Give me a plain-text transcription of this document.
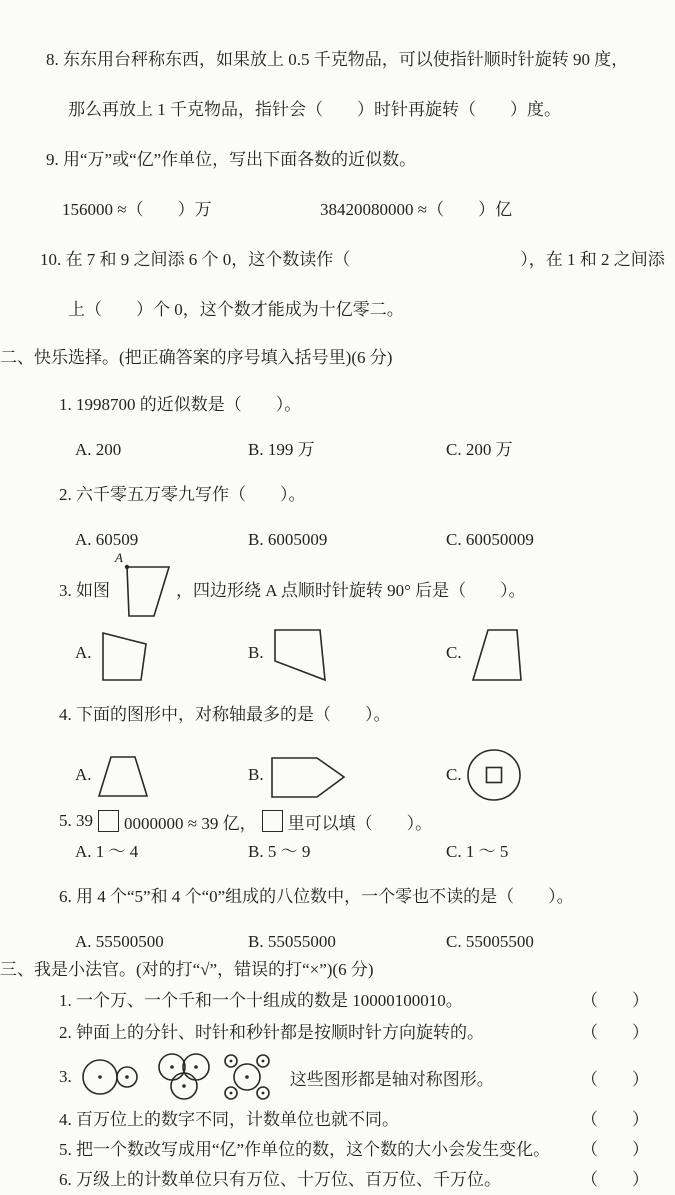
8. 东东用台秤称东西，如果放上 0.5 千克物品，可以使指针顺时针旋转 90 度，

那么再放上 1 千克物品，指针会（　　）时针再旋转（　　）度。

9. 用“万”或“亿”作单位，写出下面各数的近似数。

156000 ≈（　　）万	38420080000 ≈（　　）亿

10. 在 7 和 9 之间添 6 个 0，这个数读作（　　　　　　　　　　），在 1 和 2 之间添

上（　　）个 0，这个数才能成为十亿零二。

二、快乐选择。(把正确答案的序号填入括号里)(6 分)

1. 1998700 的近似数是（　　）。

A. 200	B. 199 万	C. 200 万

2. 六千零五万零九写作（　　）。

A. 60509	B. 6005009	C. 60050009
3. 如图
A
，四边形绕 A 点顺时针旋转 90° 后是（　　）。
A.	B.	C.

4. 下面的图形中，对称轴最多的是（　　）。

A.	B.	C.
5. 39 0000000 ≈ 39 亿， 里可以填（　　）。
A. 1 ～ 4	B. 5 ～ 9	C. 1 ～ 5

6. 用 4 个“5”和 4 个“0”组成的八位数中，一个零也不读的是（　　）。

A. 55500500	B. 55055000	C. 55005500
三、我是小法官。(对的打“√”，错误的打“×”)(6 分)
1. 一个万、一个千和一个十组成的数是 10000100010。	（　　）
2. 钟面上的分针、时针和秒针都是按顺时针方向旋转的。	（　　）
3.	这些图形都是轴对称图形。	（　　）
4. 百万位上的数字不同，计数单位也就不同。	（　　）
5. 把一个数改写成用“亿”作单位的数，这个数的大小会发生变化。	（　　）
6. 万级上的计数单位只有万位、十万位、百万位、千万位。	（　　）
